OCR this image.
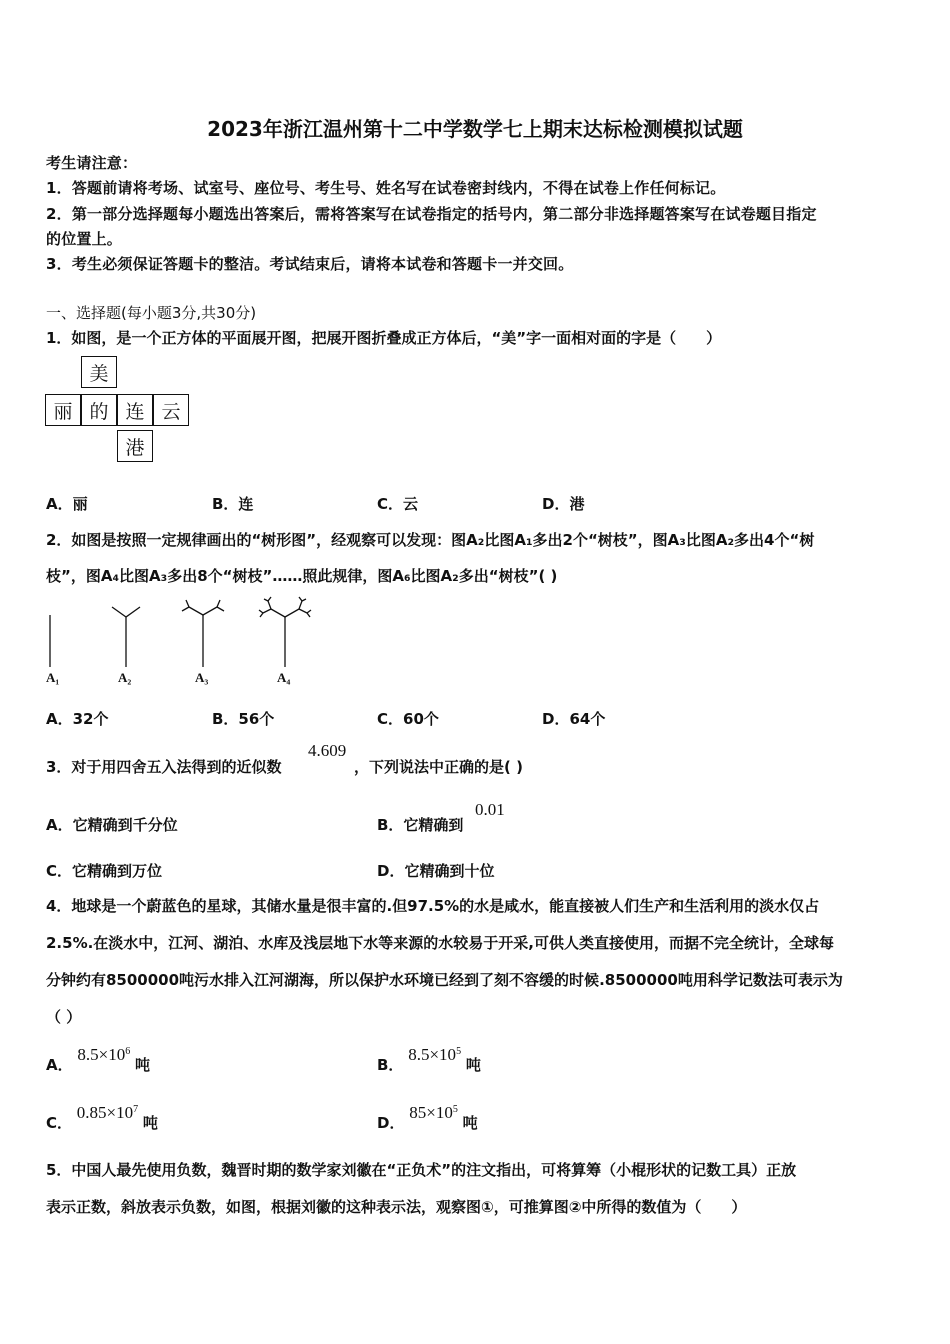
2023年浙江温州第十二中学数学七上期末达标检测模拟试题
考生请注意：
1．答题前请将考场、试室号、座位号、考生号、姓名写在试卷密封线内，不得在试卷上作任何标记。
2．第一部分选择题每小题选出答案后，需将答案写在试卷指定的括号内，第二部分非选择题答案写在试卷题目指定
的位置上。
3．考生必须保证答题卡的整洁。考试结束后，请将本试卷和答题卡一并交回。
一、选择题(每小题3分,共30分)
1．如图，是一个正方体的平面展开图，把展开图折叠成正方体后，“美”字一面相对面的字是（　　）
美
丽 的 连 云
港
A．丽	B．连	C．云	D．港
2．如图是按照一定规律画出的“树形图”，经观察可以发现：图A₂比图A₁多出2个“树枝”，图A₃比图A₂多出4个“树
枝”，图A₄比图A₃多出8个“树枝”……照此规律，图A₆比图A₂多出“树枝”( )
A₁	A₂	A₃	A₄
A．32个	B．56个	C．60个	D．64个
3．对于用四舍五入法得到的近似数
4.609
，下列说法中正确的是( )
A．它精确到千分位	B．它精确到
0.01
C．它精确到万位	D．它精确到十位
4．地球是一个蔚蓝色的星球，其储水量是很丰富的.但97.5%的水是咸水，能直接被人们生产和生活利用的淡水仅占
2.5%.在淡水中，江河、湖泊、水库及浅层地下水等来源的水较易于开采,可供人类直接使用，而据不完全统计，全球每
分钟约有8500000吨污水排入江河湖海，所以保护水环境已经到了刻不容缓的时候.8500000吨用科学记数法可表示为
（ ）
A． $8.5\times 10^6$ 吨	B． $8.5\times 10^5$ 吨
C． $0.85\times 10^7$ 吨	D． $85\times 10^5$ 吨
5．中国人最先使用负数，魏晋时期的数学家刘徽在“正负术”的注文指出，可将算筹（小棍形状的记数工具）正放
表示正数，斜放表示负数，如图，根据刘徽的这种表示法，观察图①，可推算图②中所得的数值为（　　）
